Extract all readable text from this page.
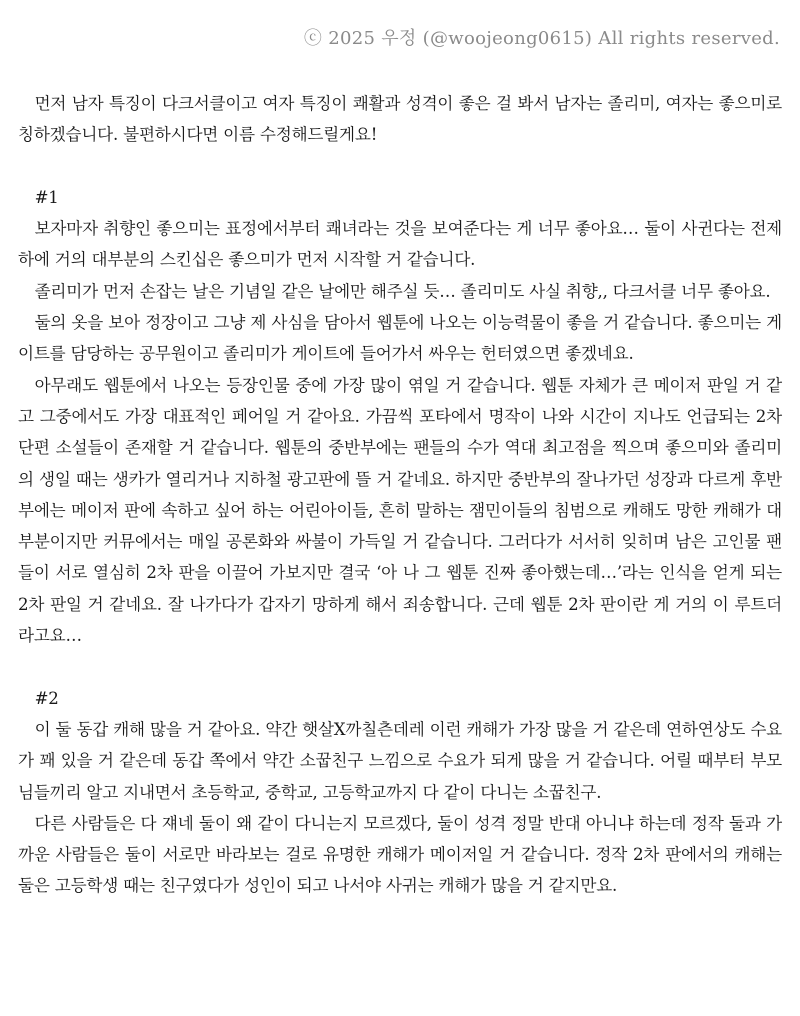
ⓒ 2025 우정 (@woojeong0615) All rights reserved.

먼저 남자 특징이 다크서클이고 여자 특징이 쾌활과 성격이 좋은 걸 봐서 남자는 졸리미, 여자는 좋으미로 칭하겠습니다. 불편하시다면 이름 수정해드릴게요!

#1

보자마자 취향인 좋으미는 표정에서부터 쾌녀라는 것을 보여준다는 게 너무 좋아요… 둘이 사귄다는 전제하에 거의 대부분의 스킨십은 좋으미가 먼저 시작할 거 같습니다.

졸리미가 먼저 손잡는 날은 기념일 같은 날에만 해주실 듯… 졸리미도 사실 취향,, 다크서클 너무 좋아요.

둘의 옷을 보아 정장이고 그냥 제 사심을 담아서 웹툰에 나오는 이능력물이 좋을 거 같습니다. 좋으미는 게이트를 담당하는 공무원이고 졸리미가 게이트에 들어가서 싸우는 헌터였으면 좋겠네요.

아무래도 웹툰에서 나오는 등장인물 중에 가장 많이 엮일 거 같습니다. 웹툰 자체가 큰 메이저 판일 거 같고 그중에서도 가장 대표적인 페어일 거 같아요. 가끔씩 포타에서 명작이 나와 시간이 지나도 언급되는 2차 단편 소설들이 존재할 거 같습니다. 웹툰의 중반부에는 팬들의 수가 역대 최고점을 찍으며 좋으미와 졸리미의 생일 때는 생카가 열리거나 지하철 광고판에 뜰 거 같네요. 하지만 중반부의 잘나가던 성장과 다르게 후반부에는 메이저 판에 속하고 싶어 하는 어린아이들, 흔히 말하는 잼민이들의 침범으로 캐해도 망한 캐해가 대부분이지만 커뮤에서는 매일 공론화와 싸불이 가득일 거 같습니다. 그러다가 서서히 잊히며 남은 고인물 팬들이 서로 열심히 2차 판을 이끌어 가보지만 결국 ‘아 나 그 웹툰 진짜 좋아했는데…’라는 인식을 얻게 되는 2차 판일 거 같네요. 잘 나가다가 갑자기 망하게 해서 죄송합니다. 근데 웹툰 2차 판이란 게 거의 이 루트더라고요…

#2

이 둘 동갑 캐해 많을 거 같아요. 약간 햇살X까칠츤데레 이런 캐해가 가장 많을 거 같은데 연하연상도 수요가 꽤 있을 거 같은데 동갑 쪽에서 약간 소꿉친구 느낌으로 수요가 되게 많을 거 같습니다. 어릴 때부터 부모님들끼리 알고 지내면서 초등학교, 중학교, 고등학교까지 다 같이 다니는 소꿉친구.

다른 사람들은 다 쟤네 둘이 왜 같이 다니는지 모르겠다, 둘이 성격 정말 반대 아니냐 하는데 정작 둘과 가까운 사람들은 둘이 서로만 바라보는 걸로 유명한 캐해가 메이저일 거 같습니다. 정작 2차 판에서의 캐해는 둘은 고등학생 때는 친구였다가 성인이 되고 나서야 사귀는 캐해가 많을 거 같지만요.
